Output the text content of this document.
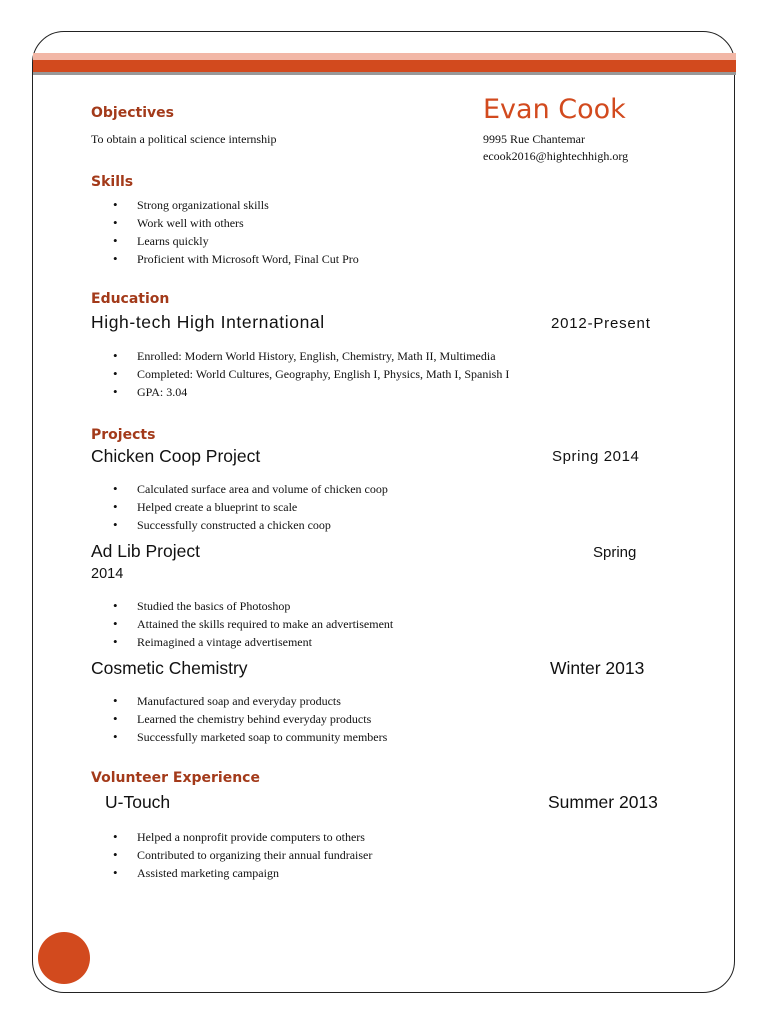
Evan Cook
9995 Rue Chantemar
ecook2016@hightechhigh.org
Objectives
To obtain a political science internship
Skills
• Strong organizational skills
• Work well with others
• Learns quickly
• Proficient with Microsoft Word, Final Cut Pro
Education
High-tech High International	2012-Present
• Enrolled: Modern World History, English, Chemistry, Math II, Multimedia
• Completed: World Cultures, Geography, English I, Physics, Math I, Spanish I
• GPA: 3.04
Projects
Chicken Coop Project	Spring 2014
• Calculated surface area and volume of chicken coop
• Helped create a blueprint to scale
• Successfully constructed a chicken coop
Ad Lib Project	Spring
2014
• Studied the basics of Photoshop
• Attained the skills required to make an advertisement
• Reimagined a vintage advertisement
Cosmetic Chemistry	Winter 2013
• Manufactured soap and everyday products
• Learned the chemistry behind everyday products
• Successfully marketed soap to community members
Volunteer Experience
U-Touch	Summer 2013
• Helped a nonprofit provide computers to others
• Contributed to organizing their annual fundraiser
• Assisted marketing campaign
